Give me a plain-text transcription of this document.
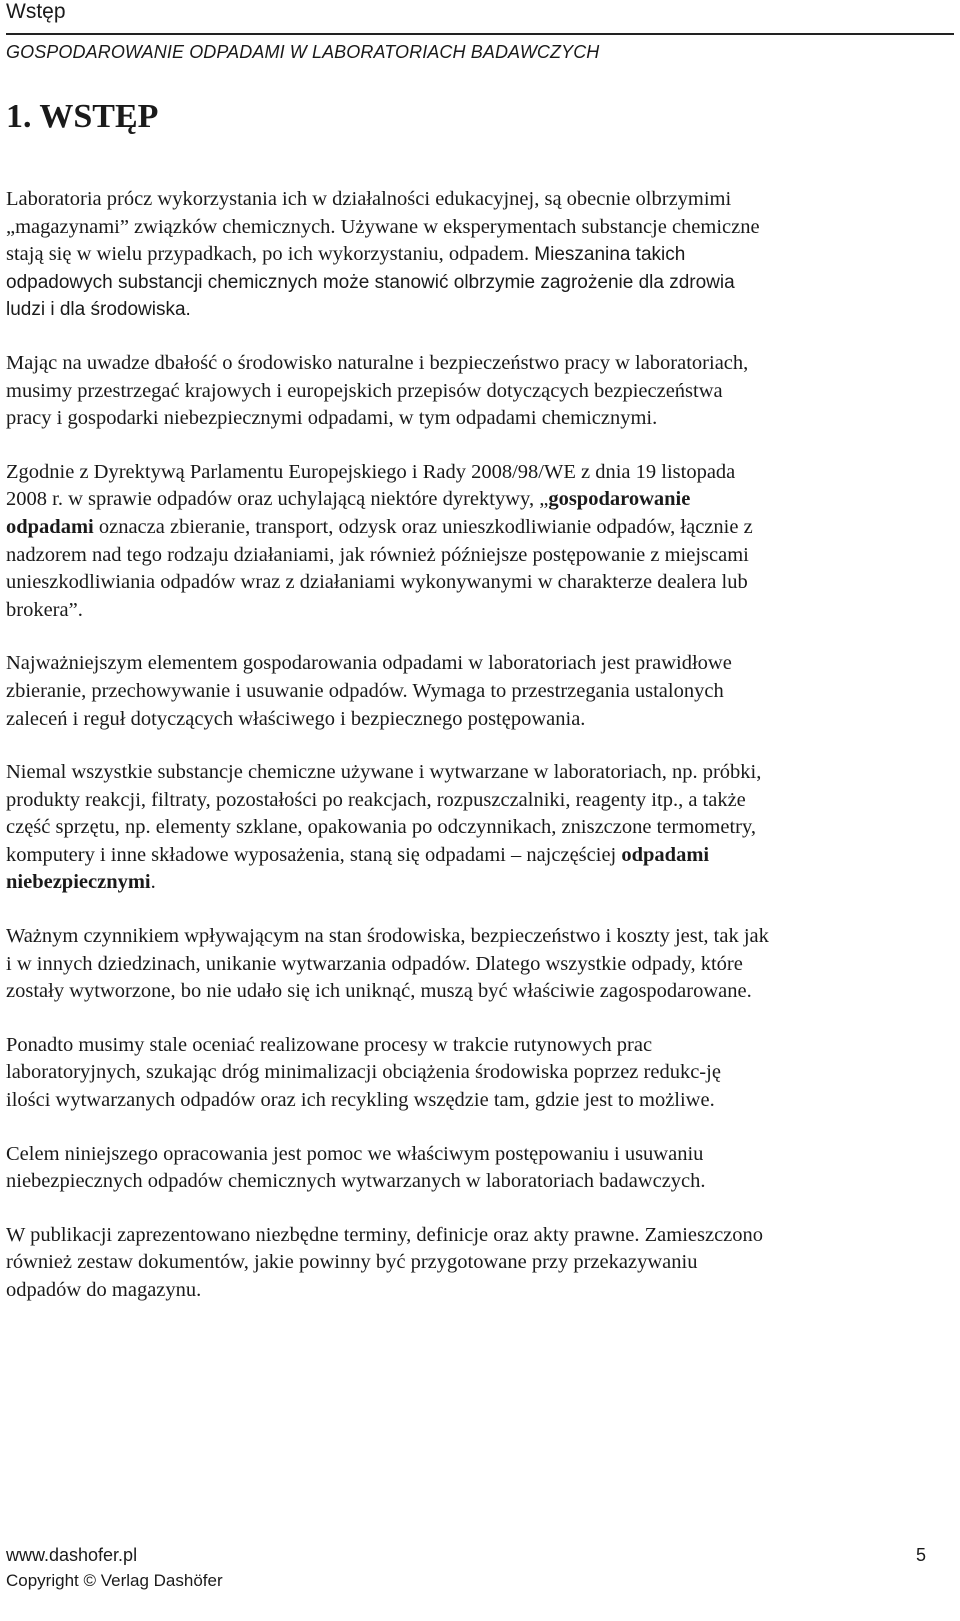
Wstęp
GOSPODAROWANIE ODPADAMI W LABORATORIACH BADAWCZYCH
1. WSTĘP

Laboratoria prócz wykorzystania ich w działalności edukacyjnej, są obecnie olbrzymimi „magazynami” związków chemicznych. Używane w eksperymentach substancje chemiczne stają się w wielu przypadkach, po ich wykorzystaniu, odpadem. Mieszanina takich odpadowych substancji chemicznych może stanowić olbrzymie zagrożenie dla zdrowia ludzi i dla środowiska.

Mając na uwadze dbałość o środowisko naturalne i bezpieczeństwo pracy w laboratoriach, musimy przestrzegać krajowych i europejskich przepisów dotyczących bezpieczeństwa pracy i gospodarki niebezpiecznymi odpadami, w tym odpadami chemicznymi.

Zgodnie z Dyrektywą Parlamentu Europejskiego i Rady 2008/98/WE z dnia 19 listopada 2008 r. w sprawie odpadów oraz uchylającą niektóre dyrektywy, „gospodarowanie odpadami oznacza zbieranie, transport, odzysk oraz unieszkodliwianie odpadów, łącznie z nadzorem nad tego rodzaju działaniami, jak również późniejsze postępowanie z miejscami unieszkodliwiania odpadów wraz z działaniami wykonywanymi w charakterze dealera lub brokera”.

Najważniejszym elementem gospodarowania odpadami w laboratoriach jest prawidłowe zbieranie, przechowywanie i usuwanie odpadów. Wymaga to przestrzegania ustalonych zaleceń i reguł dotyczących właściwego i bezpiecznego postępowania.

Niemal wszystkie substancje chemiczne używane i wytwarzane w laboratoriach, np. próbki, produkty reakcji, filtraty, pozostałości po reakcjach, rozpuszczalniki, reagenty itp., a także część sprzętu, np. elementy szklane, opakowania po odczynnikach, zniszczone termometry, komputery i inne składowe wyposażenia, staną się odpadami – najczęściej odpadami niebezpiecznymi.

Ważnym czynnikiem wpływającym na stan środowiska, bezpieczeństwo i koszty jest, tak jak i w innych dziedzinach, unikanie wytwarzania odpadów. Dlatego wszystkie odpady, które zostały wytworzone, bo nie udało się ich uniknąć, muszą być właściwie zagospodarowane.

Ponadto musimy stale oceniać realizowane procesy w trakcie rutynowych prac laboratoryjnych, szukając dróg minimalizacji obciążenia środowiska poprzez redukc-ję ilości wytwarzanych odpadów oraz ich recykling wszędzie tam, gdzie jest to możliwe.

Celem niniejszego opracowania jest pomoc we właściwym postępowaniu i usuwaniu niebezpiecznych odpadów chemicznych wytwarzanych w laboratoriach badawczych.

W publikacji zaprezentowano niezbędne terminy, definicje oraz akty prawne. Zamieszczono również zestaw dokumentów, jakie powinny być przygotowane przy przekazywaniu odpadów do magazynu.

www.dashofer.pl
Copyright © Verlag Dashöfer
5
